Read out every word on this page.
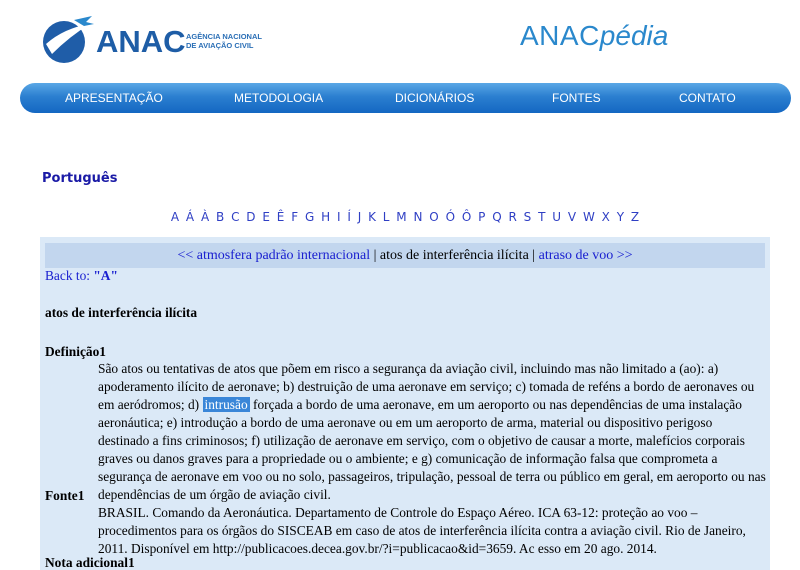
ANAC AGÊNCIA NACIONAL
DE AVIAÇÃO CIVIL	ANACpédia
APRESENTAÇÃO	METODOLOGIA	DICIONÁRIOS	FONTES	CONTATO
Português
A Á À B C D E Ê F G H I Í J K L M N O Ó Ô P Q R S T U V W X Y Z
<< atmosfera padrão internacional | atos de interferência ilícita | atraso de voo >>
Back to: "A"
atos de interferência ilícita
Definição1
São atos ou tentativas de atos que põem em risco a segurança da aviação civil, incluindo mas não limitado a (ao): a) apoderamento ilícito de aeronave; b) destruição de uma aeronave em serviço; c) tomada de reféns a bordo de aeronaves ou em aeródromos; d) intrusão forçada a bordo de uma aeronave, em um aeroporto ou nas dependências de uma instalação aeronáutica; e) introdução a bordo de uma aeronave ou em um aeroporto de arma, material ou dispositivo perigoso destinado a fins criminosos; f) utilização de aeronave em serviço, com o objetivo de causar a morte, malefícios corporais graves ou danos graves para a propriedade ou o ambiente; e g) comunicação de informação falsa que comprometa a segurança de aeronave em voo ou no solo, passageiros, tripulação, pessoal de terra ou público em geral, em aeroporto ou nas dependências de um órgão de aviação civil.
Fonte1
BRASIL. Comando da Aeronáutica. Departamento de Controle do Espaço Aéreo. ICA 63-12: proteção ao voo – procedimentos para os órgãos do SISCEAB em caso de atos de interferência ilícita contra a aviação civil. Rio de Janeiro, 2011. Disponível em http://publicacoes.decea.gov.br/?i=publicacao&id=3659. Ac esso em 20 ago. 2014.
Nota adicional1
